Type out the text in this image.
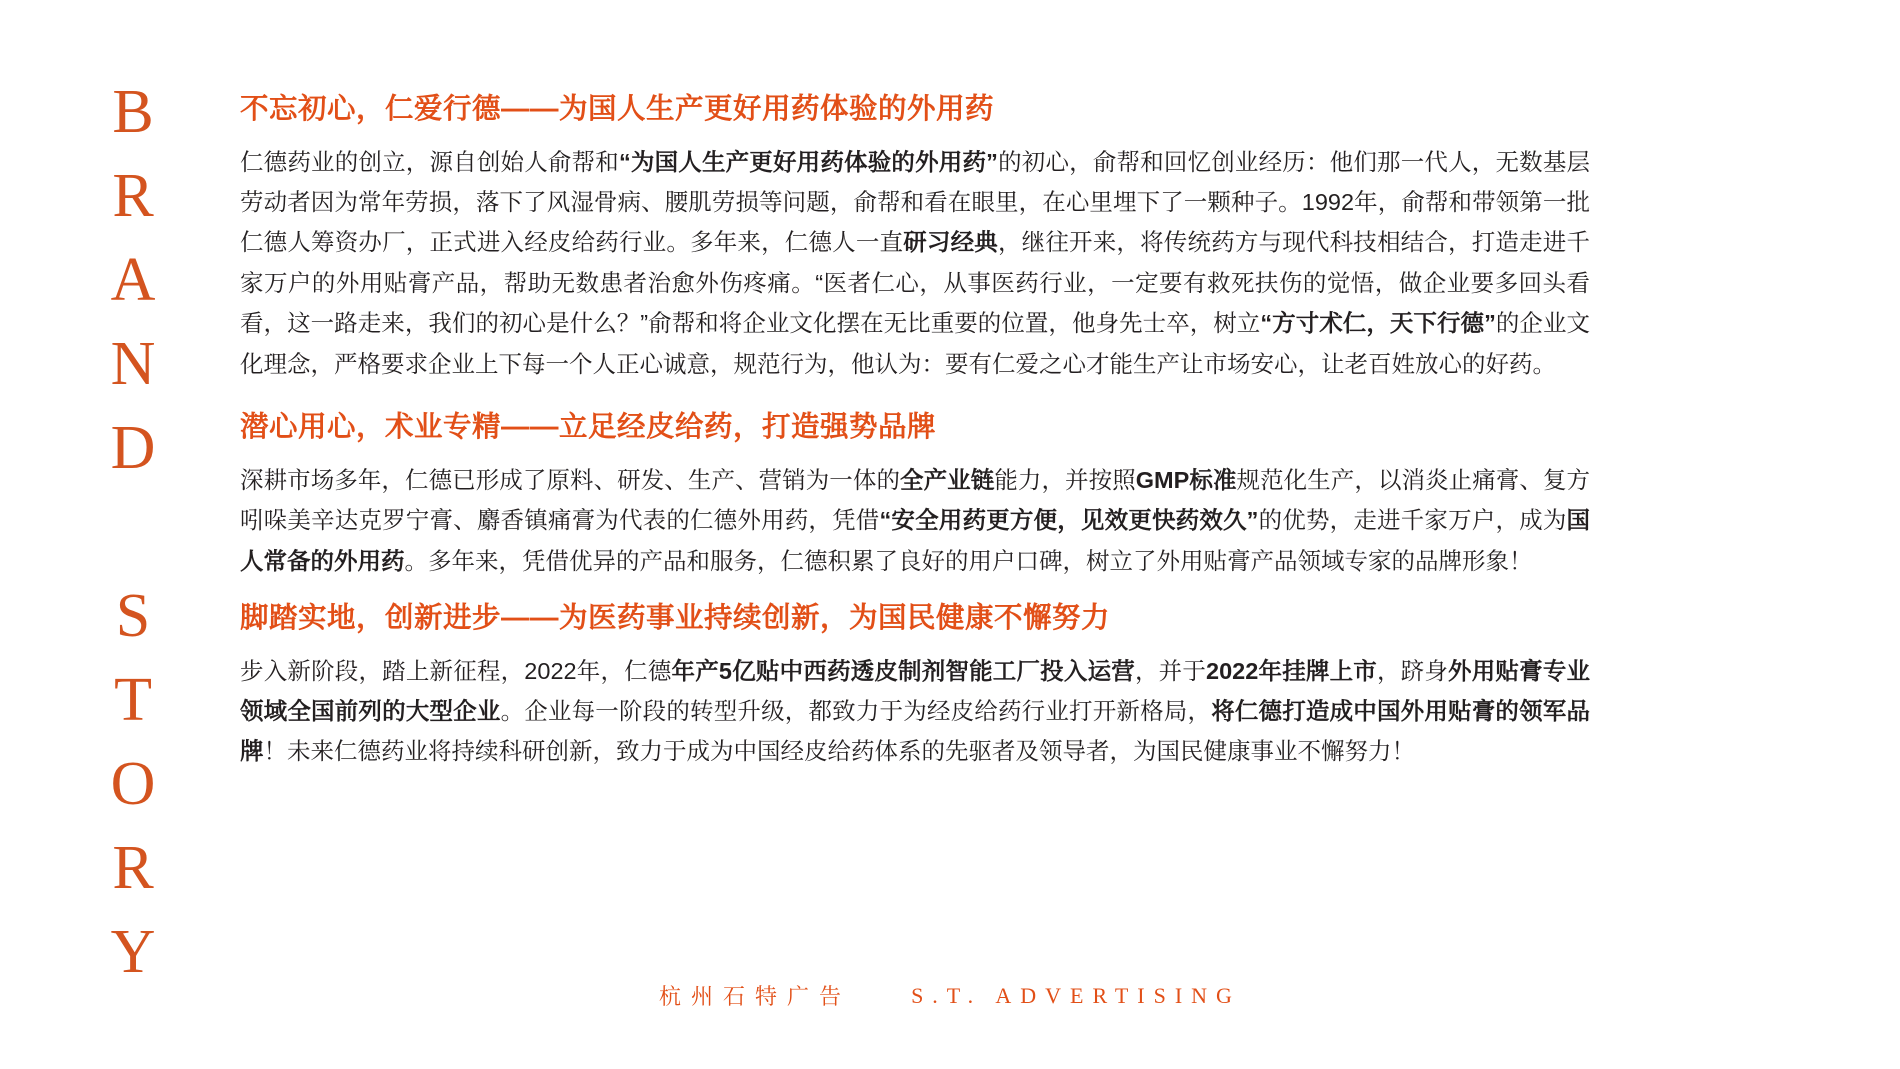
BRAND STORY	不忘初心，仁爱行德——为国人生产更好用药体验的外用药

仁德药业的创立，源自创始人俞帮和“为国人生产更好用药体验的外用药”的初心，俞帮和回忆创业经历：他们那一代人，无数基层劳动者因为常年劳损，落下了风湿骨病、腰肌劳损等问题，俞帮和看在眼里，在心里埋下了一颗种子。1992年，俞帮和带领第一批仁德人筹资办厂，正式进入经皮给药行业。多年来，仁德人一直研习经典，继往开来，将传统药方与现代科技相结合，打造走进千家万户的外用贴膏产品，帮助无数患者治愈外伤疼痛。“医者仁心，从事医药行业，一定要有救死扶伤的觉悟，做企业要多回头看看，这一路走来，我们的初心是什么？”俞帮和将企业文化摆在无比重要的位置，他身先士卒，树立“方寸术仁，天下行德”的企业文化理念，严格要求企业上下每一个人正心诚意，规范行为，他认为：要有仁爱之心才能生产让市场安心，让老百姓放心的好药。

潜心用心，术业专精——立足经皮给药，打造强势品牌

深耕市场多年，仁德已形成了原料、研发、生产、营销为一体的全产业链能力，并按照GMP标准规范化生产，以消炎止痛膏、复方吲哚美辛达克罗宁膏、麝香镇痛膏为代表的仁德外用药，凭借“安全用药更方便，见效更快药效久”的优势，走进千家万户，成为国人常备的外用药。多年来，凭借优异的产品和服务，仁德积累了良好的用户口碑，树立了外用贴膏产品领域专家的品牌形象！

脚踏实地，创新进步——为医药事业持续创新，为国民健康不懈努力

步入新阶段，踏上新征程，2022年，仁德年产5亿贴中西药透皮制剂智能工厂投入运营，并于2022年挂牌上市，跻身外用贴膏专业领域全国前列的大型企业。企业每一阶段的转型升级，都致力于为经皮给药行业打开新格局，将仁德打造成中国外用贴膏的领军品牌！未来仁德药业将持续科研创新，致力于成为中国经皮给药体系的先驱者及领导者，为国民健康事业不懈努力！

杭州石特广告	S.T. ADVERTISING
